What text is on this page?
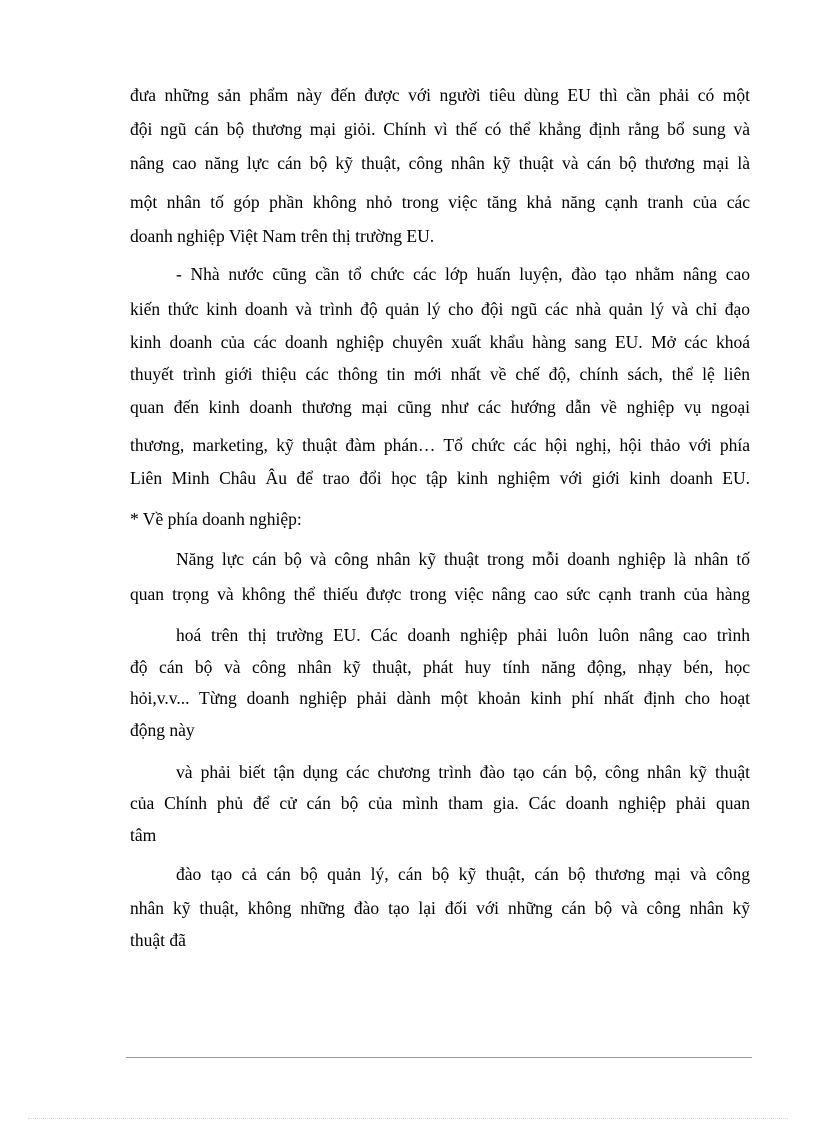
đưa những sản phẩm này đến được với người tiêu dùng EU thì cần phải có một
đội ngũ cán bộ thương mại giỏi. Chính vì thế có thể khẳng định rằng bổ sung và
nâng cao năng lực cán bộ kỹ thuật, công nhân kỹ thuật và cán bộ thương mại là
một nhân tố góp phần không nhỏ trong việc tăng khả năng cạnh tranh của các
doanh nghiệp Việt Nam trên thị trường EU.
- Nhà nước cũng cần tổ chức các lớp huấn luyện, đào tạo nhằm nâng cao
kiến thức kinh doanh và trình độ quản lý cho đội ngũ các nhà quản lý và chỉ đạo
kinh doanh của các doanh nghiệp chuyên xuất khẩu hàng sang EU. Mở các khoá
thuyết trình giới thiệu các thông tin mới nhất về chế độ, chính sách, thể lệ liên
quan đến kinh doanh thương mại cũng như các hướng dẫn về nghiệp vụ ngoại
thương, marketing, kỹ thuật đàm phán… Tổ chức các hội nghị, hội thảo với phía
Liên Minh Châu Âu để trao đổi học tập kinh nghiệm với giới kinh doanh EU.
* Về phía doanh nghiệp:
Năng lực cán bộ và công nhân kỹ thuật trong mỗi doanh nghiệp là nhân tố
quan trọng và không thể thiếu được trong việc nâng cao sức cạnh tranh của hàng
hoá trên thị trường EU. Các doanh nghiệp phải luôn luôn nâng cao trình
độ cán bộ và công nhân kỹ thuật, phát huy tính năng động, nhạy bén, học
hỏi,v.v... Từng doanh nghiệp phải dành một khoản kinh phí nhất định cho hoạt
động này
và phải biết tận dụng các chương trình đào tạo cán bộ, công nhân kỹ thuật
của Chính phủ để cử cán bộ của mình tham gia. Các doanh nghiệp phải quan
tâm
đào tạo cả cán bộ quản lý, cán bộ kỹ thuật, cán bộ thương mại và công
nhân kỹ thuật, không những đào tạo lại đối với những cán bộ và công nhân kỹ
thuật đã
